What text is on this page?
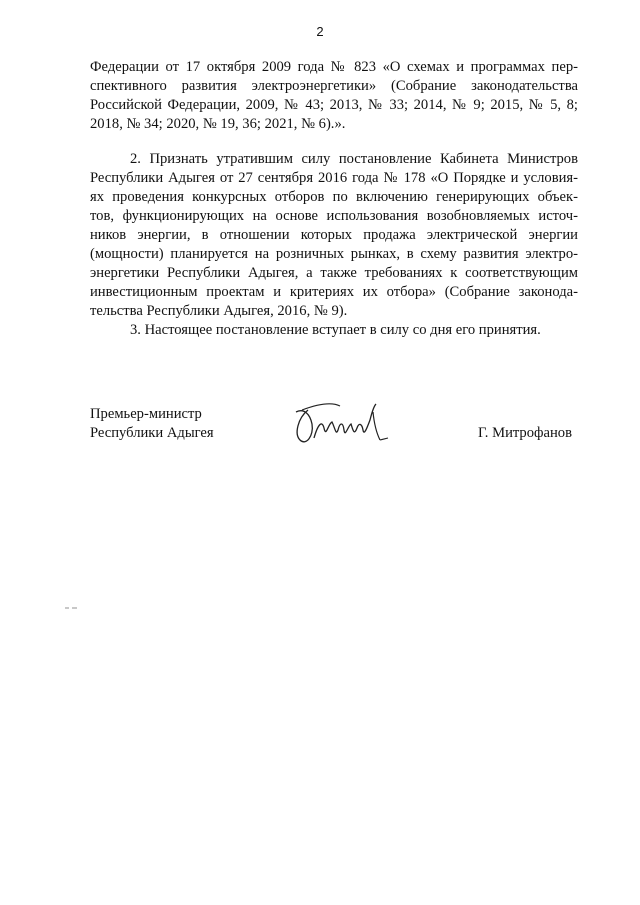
2
Федерации от 17 октября 2009 года № 823 «О схемах и программах пер-
спективного развития электроэнергетики» (Собрание законодательства
Российской Федерации, 2009, № 43; 2013, № 33; 2014, № 9; 2015, № 5, 8;
2018, № 34; 2020, № 19, 36; 2021, № 6).».
2. Признать утратившим силу постановление Кабинета Министров
Республики Адыгея от 27 сентября 2016 года № 178 «О Порядке и условия-
ях проведения конкурсных отборов по включению генерирующих объек-
тов, функционирующих на основе использования возобновляемых источ-
ников энергии, в отношении которых продажа электрической энергии
(мощности) планируется на розничных рынках, в схему развития электро-
энергетики Республики Адыгея, а также требованиях к соответствующим
инвестиционным проектам и критериях их отбора» (Собрание законода-
тельства Республики Адыгея, 2016, № 9).
3. Настоящее постановление вступает в силу со дня его принятия.
Премьер-министр
Республики Адыгея	Г. Митрофанов
